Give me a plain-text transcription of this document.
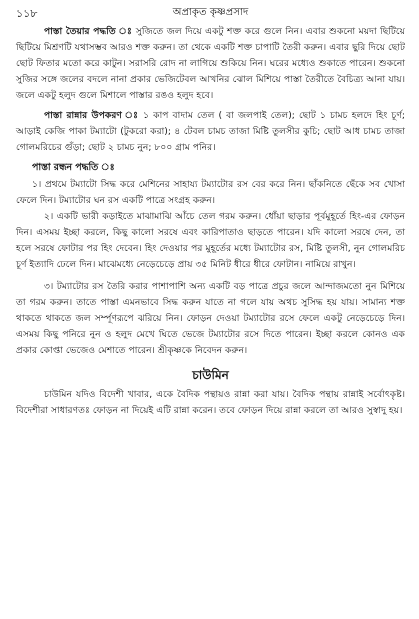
১১৮	অপ্রাকৃত কৃষ্ণপ্রসাদ

পাস্তা তৈয়ার পদ্ধতি ঃ সুজিতে জল দিয়ে একটু শক্ত করে গুলে নিন। এবার শুকনো ময়দা ছিটিয়ে ছিটিয়ে মিশ্রণটি যথাসম্ভব আরও শক্ত করুন। তা থেকে একটি শক্ত চাপাটি তৈরী করুন। এবার ছুরি দিয়ে ছোট ছোট ফিতার মতো করে কাটুন। সরাসরি রোদ না লাগিয়ে শুকিয়ে নিন। ঘরের মধ্যেও শুকাতে পারেন। শুকনো সুজির সঙ্গে জলের বদলে নানা প্রকার ভেজিটেবল আখনির ঝোল মিশিয়ে পাস্তা তৈরীতে বৈচিত্র্য আনা যায়। জলে একটু হলুদ গুলে মিশালে পাস্তার রঙও হলুদ হবে।

পাস্তা রান্নার উপকরণ ঃ ১ কাপ বাদাম তেল ( বা জলপাই তেল); ছোট ১ চামচ হলদে হিং চূর্ণ; আড়াই কেজি পাকা টম্যাটো (টুকরো করা); ৪ টেবল চামচ তাজা মিষ্টি তুলসীর কুচি; ছোট আধ চামচ তাজা গোলমরিচের গুঁড়া; ছোট ২ চামচ নুন; ৮০০ গ্রাম পনির।

পাস্তা রন্ধন পদ্ধতি ঃ

১। প্রথমে টম্যাটো সিদ্ধ করে মেশিনের সাহায্য টম্যাটোর রস বের করে নিন। ছাঁকনিতে ছেঁকে সব খোসা ফেলে দিন। টম্যাটোর ঘন রস একটি পাত্রে সংগ্রহ করুন।

২। একটি ভারী কড়াইতে মাঝামাঝি আঁচে তেল গরম করুন। ধোঁয়া ছাড়ার পূর্বমুহূর্তে হিং-এর ফোড়ন দিন। এসময় ইচ্ছা করলে, কিছু কালো সরষে এবং কারিপাতাও ছাড়তে পারেন। যদি কালো সরষে দেন, তা হলে সরষে ফোটার পর হিং দেবেন। হিং দেওয়ার পর মুহূর্তের মধ্যে টম্যাটোর রস, মিষ্টি তুলসী, নুন গোলমরিচ চূর্ণ ইত্যাদি ঢেলে দিন। মাঝেমধ্যে নেড়েচেড়ে প্রায় ৩৫ মিনিট ধীরে ধীরে ফোটান। নামিয়ে রাখুন।

৩। টম্যাটোর রস তৈরি করার পাশাপাশি অন্য একটি বড় পাত্রে প্রচুর জলে আন্দাজমতো নুন মিশিয়ে তা গরম করুন। তাতে পাস্তা এমনভাবে সিদ্ধ করুন যাতে না গলে যায় অথচ সুসিদ্ধ হয় যায়। সামান্য শক্ত থাকতে থাকতে জল সর্ম্পূণরূপে ঝরিয়ে নিন। ফোড়ন দেওয়া টম্যাটোর রসে ফেলে একটু নেড়েচেড়ে দিন। এসময় কিছু পনিরে নুন ও হলুদ মেখে ঘিতে ভেজে টম্যাটোর রসে দিতে পারেন। ইচ্ছা করলে কোনও এক প্রকার কোপ্তা ভেজেও মেশাতে পারেন। শ্রীকৃষ্ণকে নিবেদন করুন।

চাউমিন

চাউমিন যদিও বিদেশী খাবার, একে বৈদিক পন্থায়ও রান্না করা যায়। বৈদিক পন্থায় রান্নাই সর্বোৎকৃষ্ট। বিদেশীরা সাধারণতঃ ফোড়ন না দিয়েই এটি রান্না করেন। তবে ফোড়ন দিয়ে রান্না করলে তা আরও সুস্বাদু হয়।
